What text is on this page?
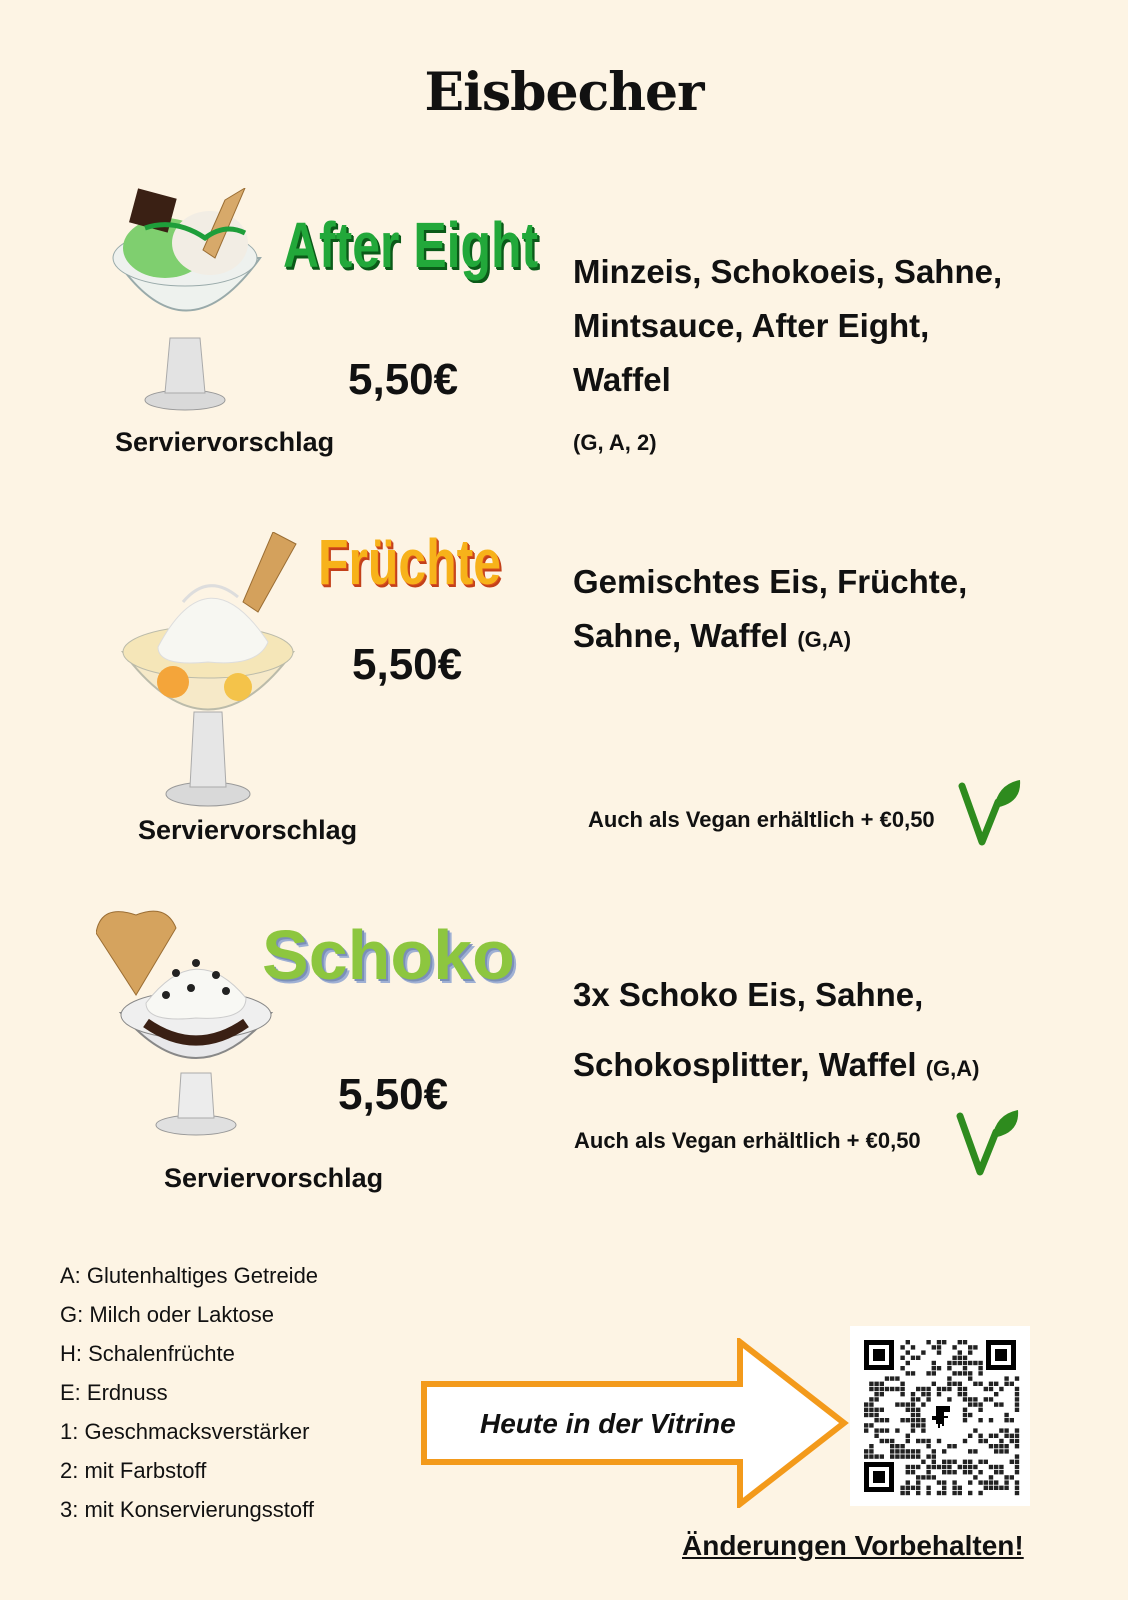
Eisbecher
After Eight
5,50€
Serviervorschlag
Minzeis, Schokoeis, Sahne,
Mintsauce, After Eight,
Waffel
(G, A, 2)
Früchte
5,50€
Serviervorschlag
Gemischtes Eis, Früchte,
Sahne, Waffel (G,A)
Auch als Vegan erhältlich + €0,50
Schoko
5,50€
Serviervorschlag
3x Schoko Eis, Sahne,
Schokosplitter, Waffel (G,A)
Auch als Vegan erhältlich + €0,50
A: Glutenhaltiges Getreide
G: Milch oder Laktose
H: Schalenfrüchte
E: Erdnuss
1: Geschmacksverstärker
2: mit Farbstoff
3: mit Konservierungsstoff
Heute in der Vitrine
Änderungen Vorbehalten!
